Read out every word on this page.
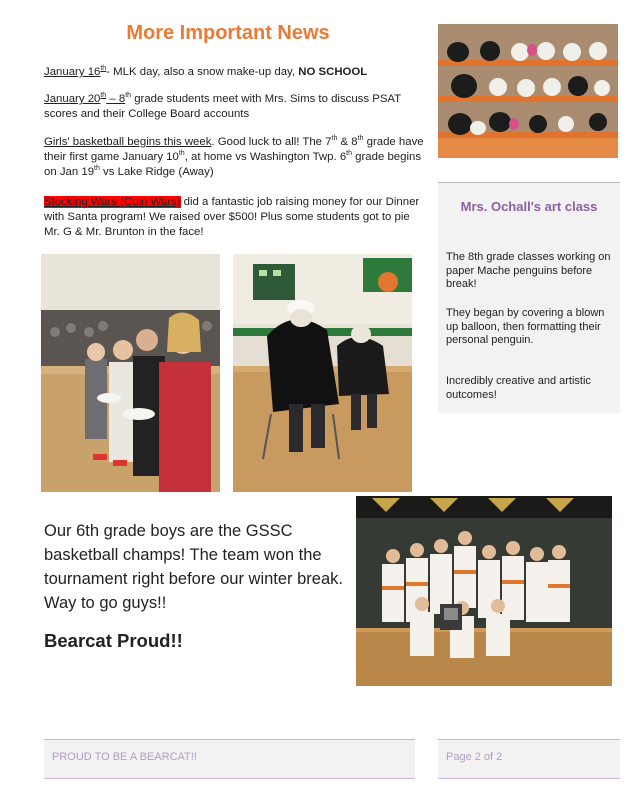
More Important News

January 16th- MLK day, also a snow make-up day, NO SCHOOL

January 20th – 8th grade students meet with Mrs. Sims to discuss PSAT scores and their College Board accounts

Girls' basketball begins this week. Good luck to all! The 7th & 8th grade have their first game January 10th, at home vs Washington Twp. 6th grade begins on Jan 19th vs Lake Ridge (Away)

Stocking Wars (Coin Wars) did a fantastic job raising money for our Dinner with Santa program! We raised over $500! Plus some students got to pie Mr. G & Mr. Brunton in the face!

Mrs. Ochall's art class

The 8th grade classes working on paper Mache penguins before break!

They began by covering a blown up balloon, then formatting their personal penguin.

Incredibly creative and artistic outcomes!

Our 6th grade boys are the GSSC basketball champs! The team won the tournament right before our winter break. Way to go guys!!

Bearcat Proud!!

PROUD TO BE A BEARCAT!!	Page 2 of 2
